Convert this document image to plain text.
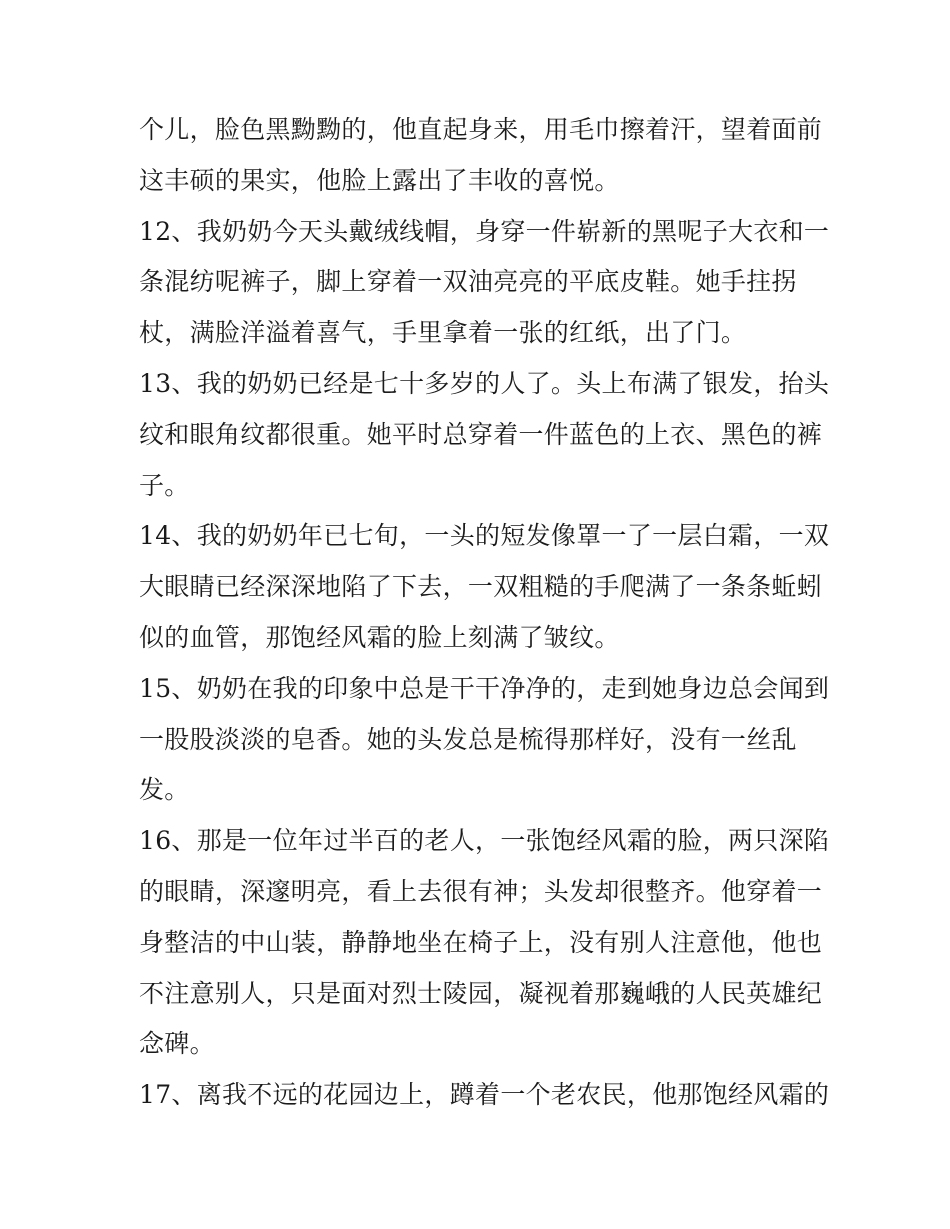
个儿，脸色黑黝黝的，他直起身来，用毛巾擦着汗，望着面前
这丰硕的果实，他脸上露出了丰收的喜悦。
12、我奶奶今天头戴绒线帽，身穿一件崭新的黑呢子大衣和一
条混纺呢裤子，脚上穿着一双油亮亮的平底皮鞋。她手拄拐
杖，满脸洋溢着喜气，手里拿着一张的红纸，出了门。
13、我的奶奶已经是七十多岁的人了。头上布满了银发，抬头
纹和眼角纹都很重。她平时总穿着一件蓝色的上衣、黑色的裤
子。
14、我的奶奶年已七旬，一头的短发像罩一了一层白霜，一双
大眼睛已经深深地陷了下去，一双粗糙的手爬满了一条条蚯蚓
似的血管，那饱经风霜的脸上刻满了皱纹。
15、奶奶在我的印象中总是干干净净的，走到她身边总会闻到
一股股淡淡的皂香。她的头发总是梳得那样好，没有一丝乱
发。
16、那是一位年过半百的老人，一张饱经风霜的脸，两只深陷
的眼睛，深邃明亮，看上去很有神；头发却很整齐。他穿着一
身整洁的中山装，静静地坐在椅子上，没有别人注意他，他也
不注意别人，只是面对烈士陵园，凝视着那巍峨的人民英雄纪
念碑。
17、离我不远的花园边上，蹲着一个老农民，他那饱经风霜的
